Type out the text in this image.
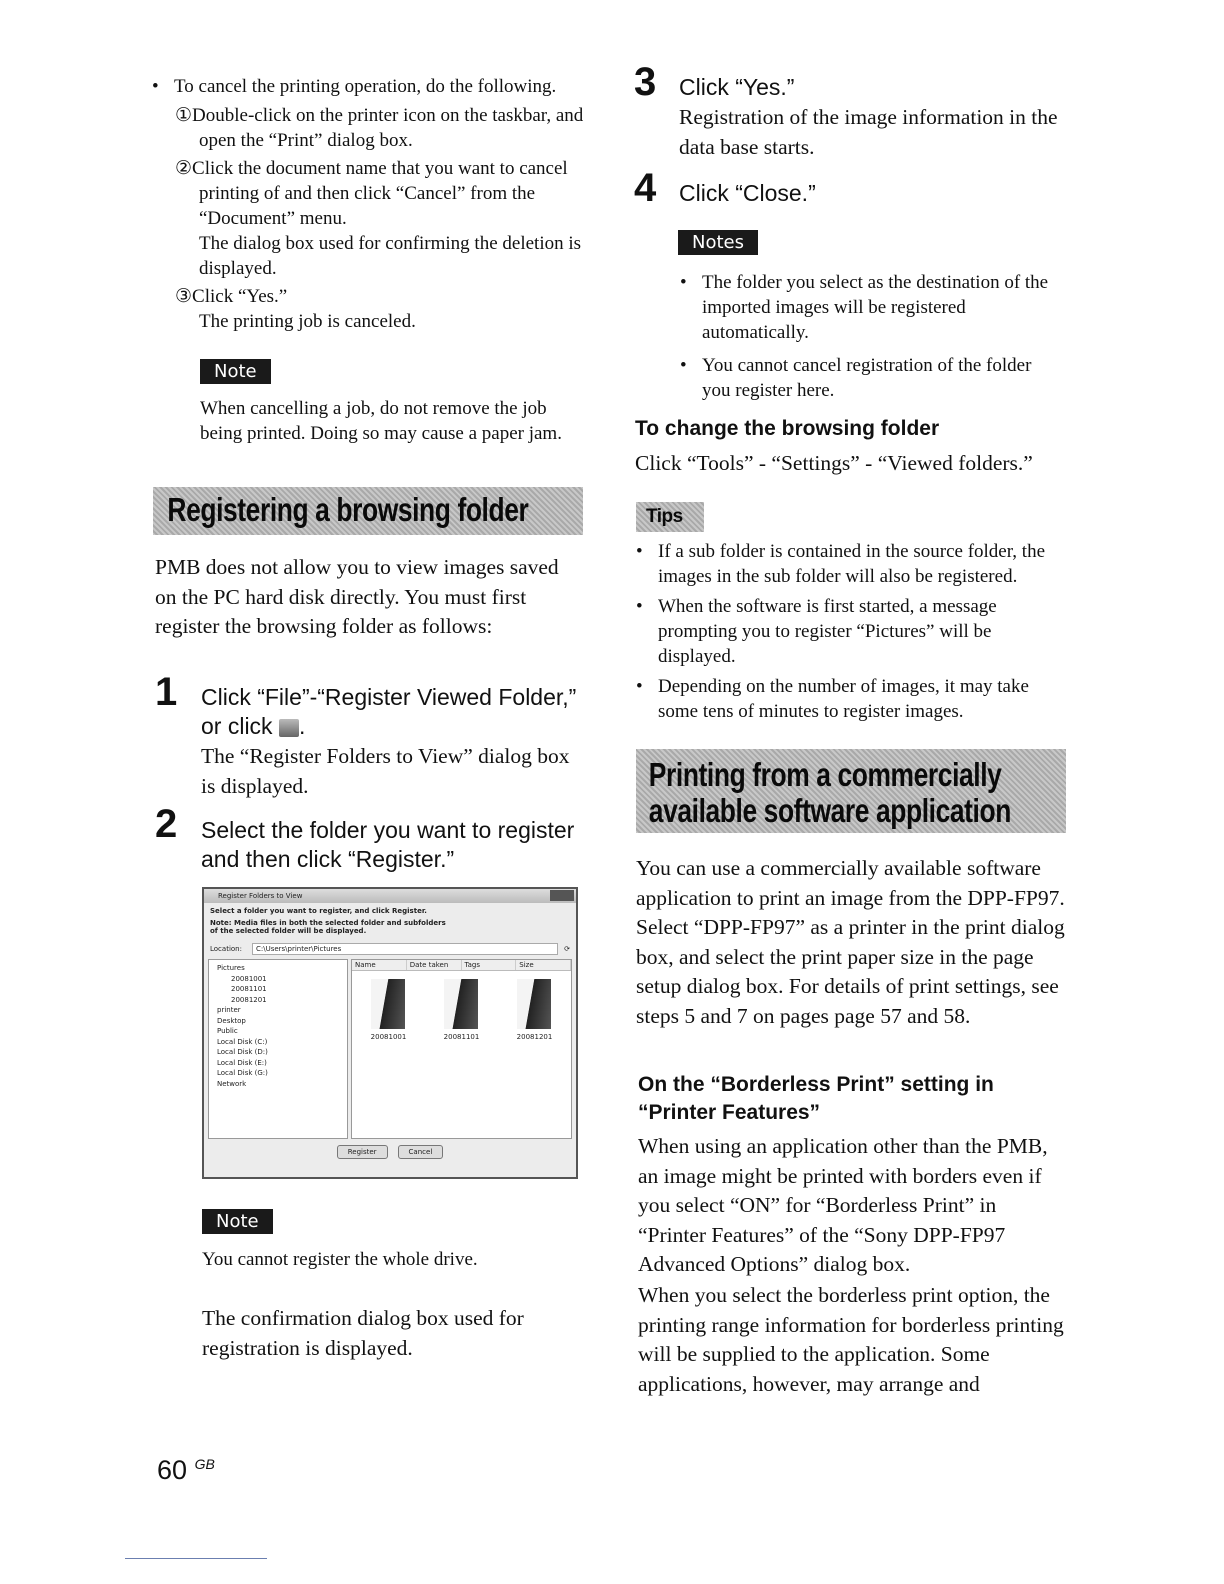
• To cancel the printing operation, do the following.
①Double-click on the printer icon on the taskbar, and open the “Print” dialog box.
②Click the document name that you want to cancel printing of and then click “Cancel” from the “Document” menu.
The dialog box used for confirming the deletion is displayed.
③Click “Yes.”
The printing job is canceled.
Note
When cancelling a job, do not remove the job being printed. Doing so may cause a paper jam.
Registering a browsing folder
PMB does not allow you to view images saved on the PC hard disk directly. You must first register the browsing folder as follows:
1 Click “File”-“Register Viewed Folder,” or click .
The “Register Folders to View” dialog box is displayed.
2 Select the folder you want to register and then click “Register.”
Register Folders to View
Select a folder you want to register, and click Register.
Note: Media files in both the selected folder and subfolders of the selected folder will be displayed.
Location:	C:\Users\printer\Pictures	⟳
Pictures
20081001
20081101
20081201
printer
Desktop
Public
Local Disk (C:)
Local Disk (D:)
Local Disk (E:)
Local Disk (G:)
Network
Name	Date taken	Tags	Size
20081001	20081101	20081201
Register	Cancel
Note
You cannot register the whole drive.
The confirmation dialog box used for registration is displayed.
3 Click “Yes.”
Registration of the image information in the data base starts.
4 Click “Close.”
Notes
• The folder you select as the destination of the imported images will be registered automatically.
• You cannot cancel registration of the folder you register here.
To change the browsing folder
Click “Tools” - “Settings” - “Viewed folders.”
Tips
• If a sub folder is contained in the source folder, the images in the sub folder will also be registered.
• When the software is first started, a message prompting you to register “Pictures” will be displayed.
• Depending on the number of images, it may take some tens of minutes to register images.
Printing from a commercially
available software application
You can use a commercially available software application to print an image from the DPP-FP97. Select “DPP-FP97” as a printer in the print dialog box, and select the print paper size in the page setup dialog box. For details of print settings, see steps 5 and 7 on pages page 57 and 58.
On the “Borderless Print” setting in “Printer Features”
When using an application other than the PMB, an image might be printed with borders even if you select “ON” for “Borderless Print” in “Printer Features” of the “Sony DPP-FP97 Advanced Options” dialog box.
When you select the borderless print option, the printing range information for borderless printing will be supplied to the application. Some applications, however, may arrange and
60 $^{GB}$
